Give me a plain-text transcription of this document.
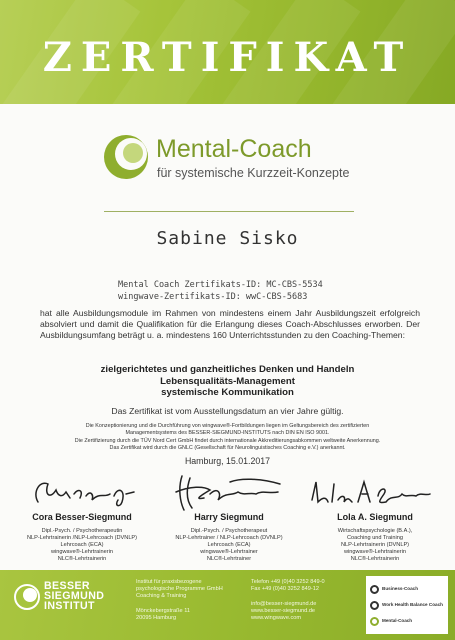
ZERTIFIKAT
Mental-Coach
für systemische Kurzzeit-Konzepte
Sabine Sisko
Mental Coach Zertifikats-ID: MC-CBS-5534
wingwave-Zertifikats-ID: wwC-CBS-5683
hat alle Ausbildungsmodule im Rahmen von mindestens einem Jahr Ausbildungszeit erfolgreich absolviert und damit die Qualifikation für die Erlangung dieses Coach-Abschlusses erworben. Der Ausbildungsumfang beträgt u. a. mindestens 160 Unterrichtsstunden zu den Coaching-Themen:
zielgerichtetes und ganzheitliches Denken und Handeln
Lebensqualitäts-Management
systemische Kommunikation
Das Zertifikat ist vom Ausstellungsdatum an vier Jahre gültig.
Die Konzeptionierung und die Durchführung von wingwave®-Fortbildungen liegen im Geltungsbereich des zertifizierten
Managementsystems des BESSER-SIEGMUND-INSTITUTS nach DIN EN ISO 9001.
Die Zertifizierung durch die TÜV Nord Cert GmbH findet durch internationale Akkreditierungsabkommen weltweite Anerkennung.
Das Zertifikat wird durch die GNLC (Gesellschaft für Neurolinguistisches Coaching e.V.) anerkannt.
Hamburg, 15.01.2017
Cora Besser-Siegmund	Harry Siegmund	Lola A. Siegmund
Dipl.-Psych. / Psychotherapeutin
NLP-Lehrtrainerin /NLP-Lehrcoach (DVNLP)
Lehrcoach (ECA)
wingwave®-Lehrtrainerin
NLC®-Lehrtrainerin
Dipl.-Psych. / Psychotherapeut
NLP-Lehrtrainer / NLP-Lehrcoach (DVNLP)
Lehrcoach (ECA)
wingwave®-Lehrtrainer
NLC®-Lehrtrainer
Wirtschaftspsychologie (B.A.),
Coaching und Training
NLP-Lehrtrainerin (DVNLP)
wingwave®-Lehrtrainerin
NLC®-Lehrtrainerin
BESSER
SIEGMUND
INSTITUT
Institut für praxisbezogene
psychologische Programme GmbH
Coaching & Training

Mönckebergstraße 11
20095 Hamburg
Telefon +49 (0)40 3252 849-0
Fax +49 (0)40 3252 849-12

info@besser-siegmund.de
www.besser-siegmund.de
www.wingwave.com
Business-Coach
Work Health Balance Coach
Mental-Coach
